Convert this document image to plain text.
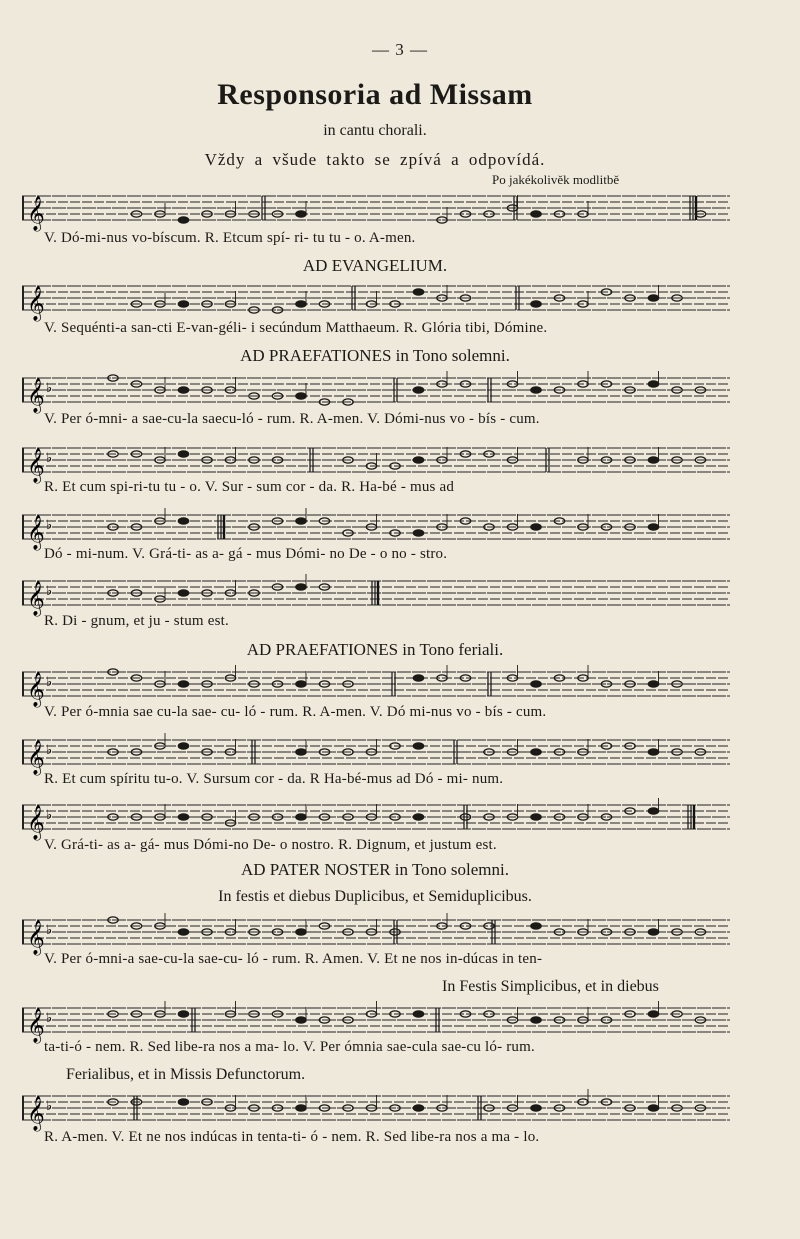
— 3 —
Responsoria ad Missam
in cantu chorali.
Vždy a všude takto se zpívá a odpovídá.
Po jakékolivěk modlitbě
𝄞
𝄞
𝄞 ♭
𝄞 ♭
𝄞 ♭
𝄞 ♭
𝄞 ♭
𝄞 ♭
𝄞 ♭
𝄞 ♭
𝄞 ♭
𝄞 ♭
AD EVANGELIUM.
AD PRAEFATIONES in Tono solemni.
AD PRAEFATIONES in Tono feriali.
AD PATER NOSTER in Tono solemni.
In festis et diebus Duplicibus, et Semiduplicibus.
In Festis Simplicibus, et in diebus
Ferialibus, et in Missis Defunctorum.
V. Dó-mi-nus vo-bíscum. R. Etcum spí- ri- tu tu - o. A-men.
V. Sequénti-a san-cti E-van-géli- i secúndum Matthaeum. R. Glória tibi, Dómine.
V. Per ó-mni- a sae-cu-la saecu-ló - rum. R. A-men. V. Dómi-nus vo - bís - cum.
R. Et cum spi-ri-tu tu - o. V. Sur - sum cor - da. R. Ha-bé - mus ad
Dó - mi-num. V. Grá-ti- as a- gá - mus Dómi- no De - o no - stro.
R. Di - gnum, et ju - stum est.
V. Per ó-mnia sae cu-la sae- cu- ló - rum. R. A-men. V. Dó mi-nus vo - bís - cum.
R. Et cum spíritu tu-o. V. Sursum cor - da. R Ha-bé-mus ad Dó - mi- num.
V. Grá-ti- as a- gá- mus Dómi-no De- o nostro. R. Dignum, et justum est.
V. Per ó-mni-a sae-cu-la sae-cu- ló - rum. R. Amen. V. Et ne nos in-dúcas in ten-
ta-ti-ó - nem. R. Sed libe-ra nos a ma- lo. V. Per ómnia sae-cula sae-cu ló- rum.
R. A-men. V. Et ne nos indúcas in tenta-ti- ó - nem. R. Sed libe-ra nos a ma - lo.
